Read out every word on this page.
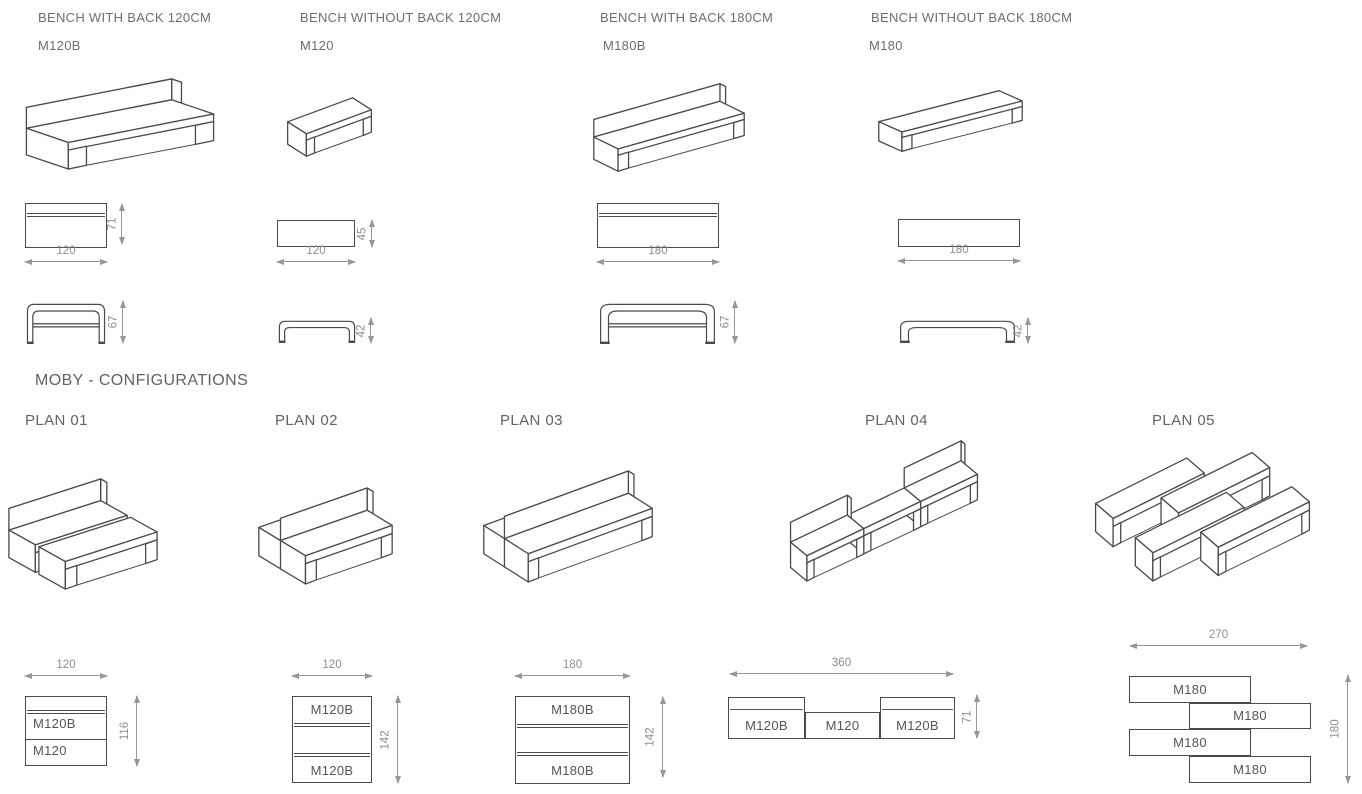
BENCH WITH BACK 120CM
M120B
BENCH WITHOUT BACK 120CM
M120
BENCH WITH BACK 180CM
M180B
BENCH WITHOUT BACK 180CM
M180
120
71
120
45
180	180
67
42
67
42
MOBY - CONFIGURATIONS
PLAN 01	PLAN 02	PLAN 03	PLAN 04	PLAN 05
120
M120B
M120
116
120
M120B
M120B
142
180
M180B
M180B
142
360
M120B	M120	M120B
71
270
M180
M180
M180
M180
180
